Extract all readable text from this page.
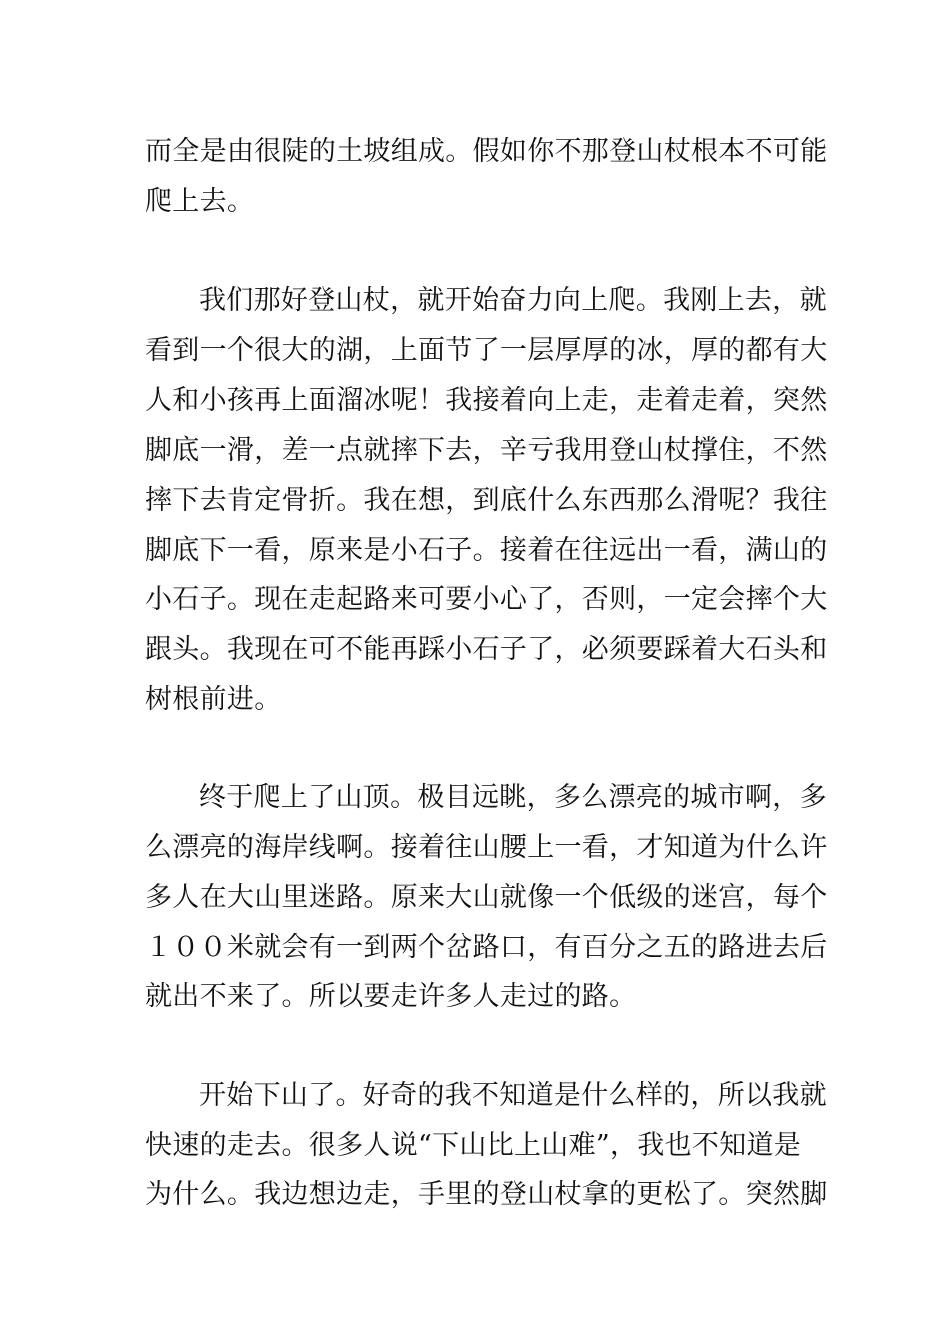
而全是由很陡的土坡组成。假如你不那登山杖根本不可能
爬上去。
我们那好登山杖，就开始奋力向上爬。我刚上去，就
看到一个很大的湖，上面节了一层厚厚的冰，厚的都有大
人和小孩再上面溜冰呢！我接着向上走，走着走着，突然
脚底一滑，差一点就摔下去，辛亏我用登山杖撑住，不然
摔下去肯定骨折。我在想，到底什么东西那么滑呢？我往
脚底下一看，原来是小石子。接着在往远出一看，满山的
小石子。现在走起路来可要小心了，否则，一定会摔个大
跟头。我现在可不能再踩小石子了，必须要踩着大石头和
树根前进。
终于爬上了山顶。极目远眺，多么漂亮的城市啊，多
么漂亮的海岸线啊。接着往山腰上一看，才知道为什么许
多人在大山里迷路。原来大山就像一个低级的迷宫，每个
１００米就会有一到两个岔路口，有百分之五的路进去后
就出不来了。所以要走许多人走过的路。
开始下山了。好奇的我不知道是什么样的，所以我就
快速的走去。很多人说“下山比上山难”，我也不知道是
为什么。我边想边走，手里的登山杖拿的更松了。突然脚
